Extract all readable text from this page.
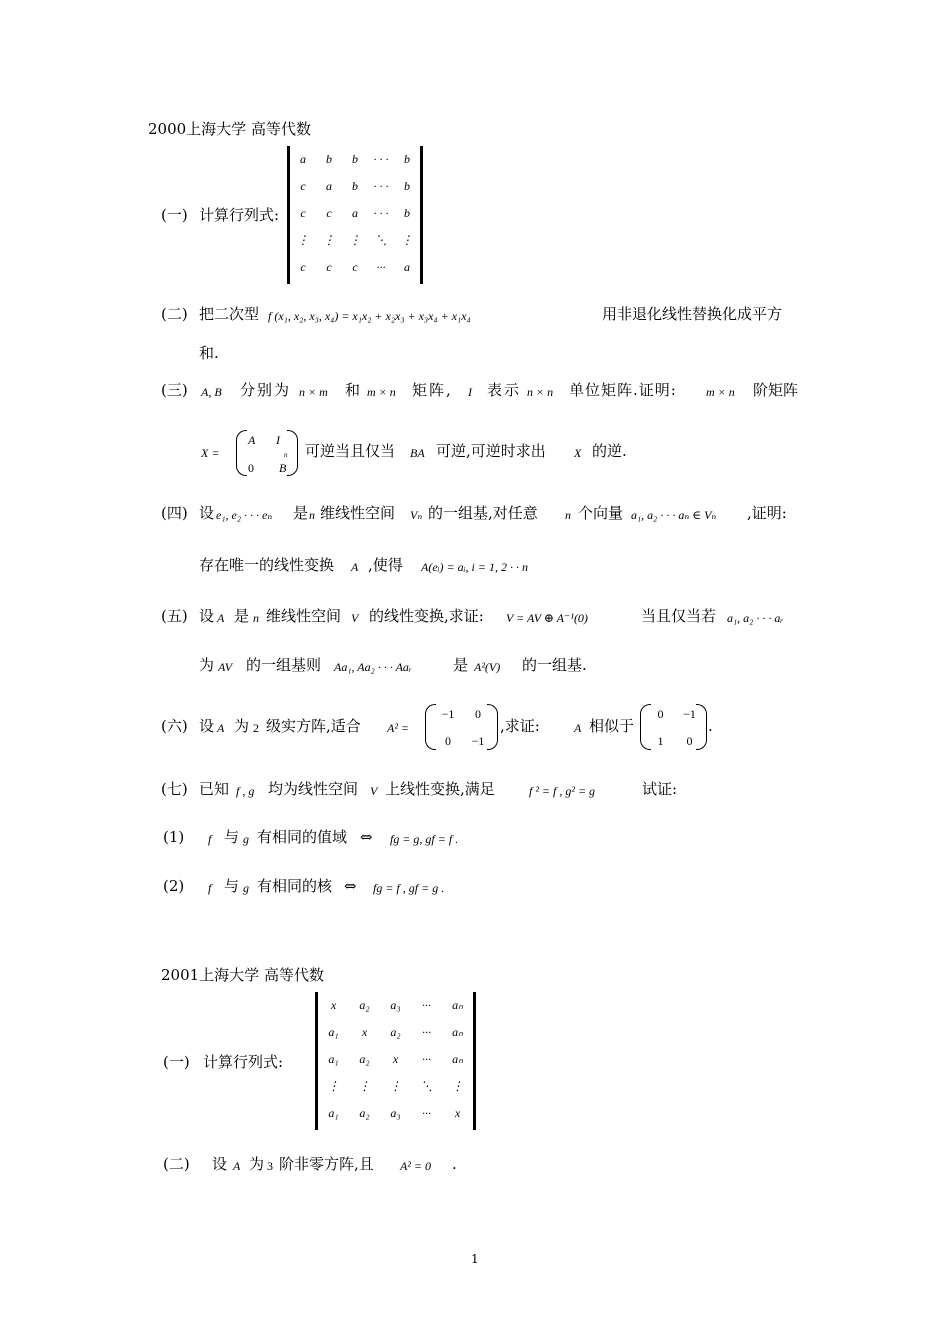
2000上海大学 高等代数
(一) 计算行列式:
a	b	b	· · ·	b
c	a	b	· · ·	b
c	c	a	· · ·	b
⋮	⋮	⋮	⋱	⋮
c	c	c	···	a
(二) 把二次型 f (x₁, x₂, x₃, x₄) = x₁x₂ + x₂x₃ + x₃x₄ + x₁x₄	用非退化线性替换化成平方
和.
(三) A, B 分别为 n × m 和 m × n 矩阵, I 表示 n × n 单位矩阵.证明: m × n 阶矩阵
X =
A I
n
0 B
可逆当且仅当 BA 可逆,可逆时求出 X 的逆.
(四) 设 e₁, e₂ · · · eₙ 是 n 维线性空间 Vₙ 的一组基,对任意 n 个向量 a₁, a₂ · · · aₙ ∈ Vₙ ,证明:
存在唯一的线性变换 A ,使得 A(eᵢ) = aᵢ, i = 1, 2 · · n
(五) 设 A 是 n 维线性空间 V 的线性变换,求证: V = AV ⊕ A⁻¹(0)	当且仅当若 a₁, a₂ · · · aᵣ
为 AV 的一组基则 Aa₁, Aa₂ · · · Aaᵣ	是 A²(V) 的一组基.
(六) 设 A 为 2 级实方阵,适合 A² =
−1	0
0	−1
,求证:	A 相似于
0	−1
1	0
.
(七) 已知 f , g 均为线性空间 V 上线性变换,满足	f ² = f , g² = g	试证:
(1) f 与 g 有相同的值域 ⇔ fg = g, gf = f .
(2) f 与 g 有相同的核 ⇔ fg = f , gf = g .
2001上海大学 高等代数
(一) 计算行列式:
x	a₂	a₃	···	aₙ
a₁	x	a₂	···	aₙ
a₁	a₂	x	···	aₙ
⋮	⋮	⋮	⋱	⋮
a₁	a₂	a₃	···	x
(二) 设 A 为 3 阶非零方阵,且 A² = 0 .
1
